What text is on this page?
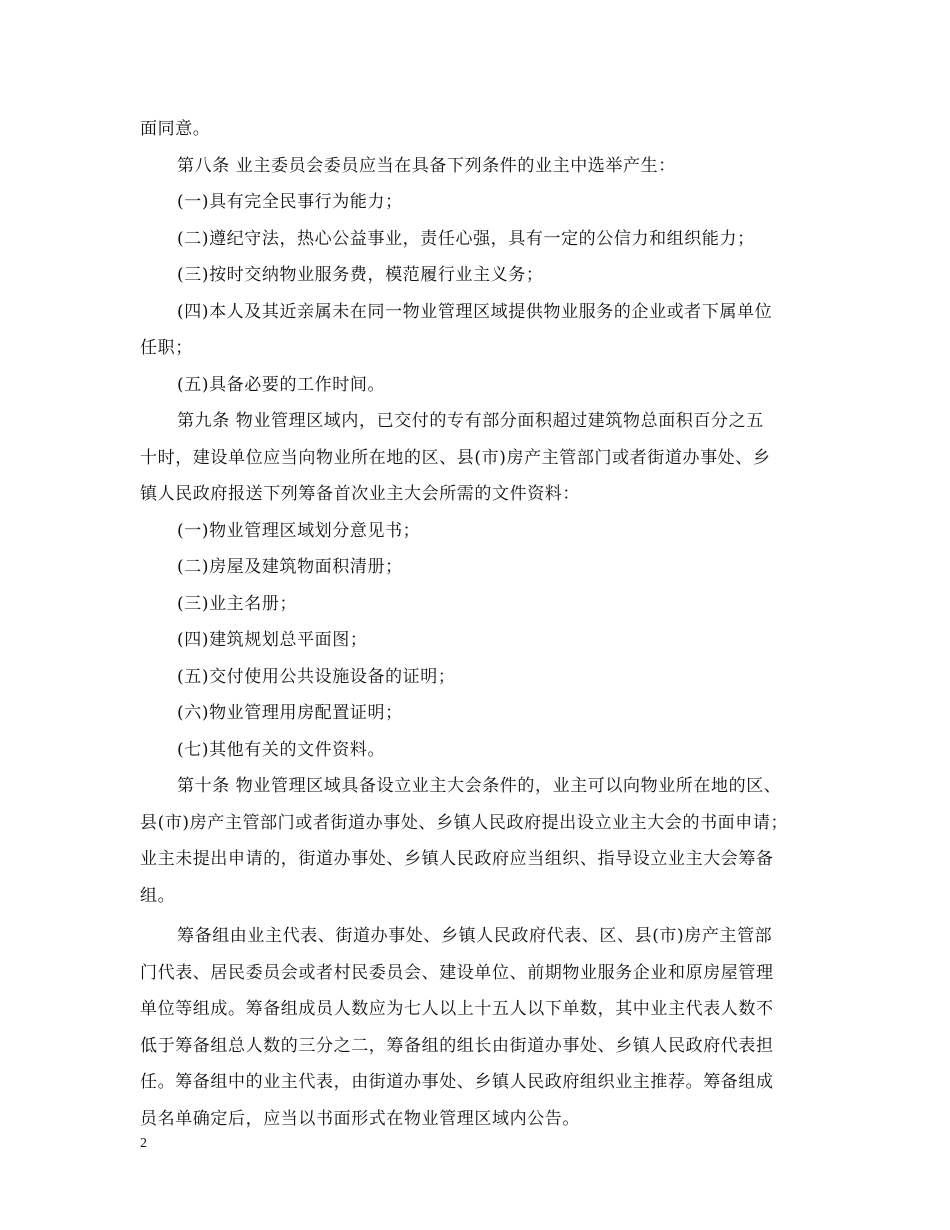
面同意。
第八条 业主委员会委员应当在具备下列条件的业主中选举产生：
(一)具有完全民事行为能力；
(二)遵纪守法，热心公益事业，责任心强，具有一定的公信力和组织能力；
(三)按时交纳物业服务费，模范履行业主义务；
(四)本人及其近亲属未在同一物业管理区域提供物业服务的企业或者下属单位
任职；
(五)具备必要的工作时间。
第九条 物业管理区域内，已交付的专有部分面积超过建筑物总面积百分之五
十时，建设单位应当向物业所在地的区、县(市)房产主管部门或者街道办事处、乡
镇人民政府报送下列筹备首次业主大会所需的文件资料：
(一)物业管理区域划分意见书；
(二)房屋及建筑物面积清册；
(三)业主名册；
(四)建筑规划总平面图；
(五)交付使用公共设施设备的证明；
(六)物业管理用房配置证明；
(七)其他有关的文件资料。
第十条 物业管理区域具备设立业主大会条件的，业主可以向物业所在地的区、
县(市)房产主管部门或者街道办事处、乡镇人民政府提出设立业主大会的书面申请；
业主未提出申请的，街道办事处、乡镇人民政府应当组织、指导设立业主大会筹备
组。
筹备组由业主代表、街道办事处、乡镇人民政府代表、区、县(市)房产主管部
门代表、居民委员会或者村民委员会、建设单位、前期物业服务企业和原房屋管理
单位等组成。筹备组成员人数应为七人以上十五人以下单数，其中业主代表人数不
低于筹备组总人数的三分之二，筹备组的组长由街道办事处、乡镇人民政府代表担
任。筹备组中的业主代表，由街道办事处、乡镇人民政府组织业主推荐。筹备组成
员名单确定后，应当以书面形式在物业管理区域内公告。
2
